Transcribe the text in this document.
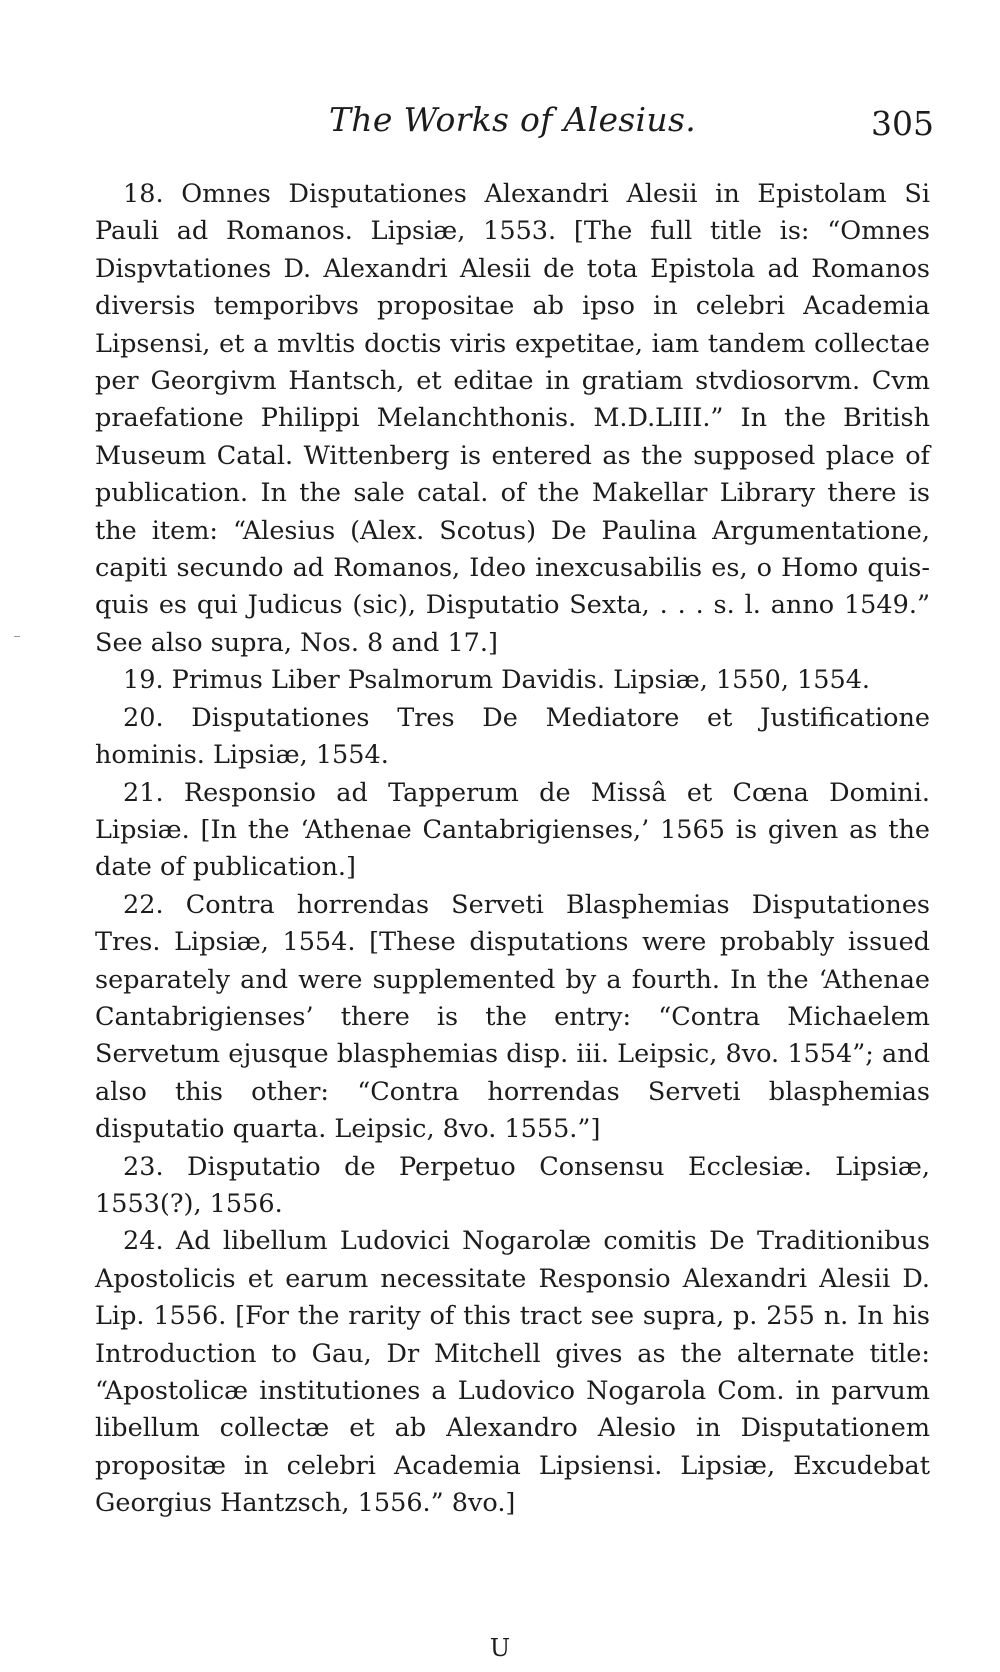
The Works of Alesius.	305

18. Omnes Disputationes Alexandri Alesii in Epistolam Si Pauli ad Romanos. Lipsiæ, 1553. [The full title is: “Omnes Dispvtationes D. Alexandri Alesii de tota Epistola ad Romanos diversis temporibvs propositae ab ipso in celebri Academia Lipsensi, et a mvltis doctis viris expetitae, iam tandem collectae per Georgivm Hantsch, et editae in gratiam stvdiosorvm. Cvm praefatione Philippi Melanchthonis. M.D.LIII.” In the British Museum Catal. Wittenberg is entered as the supposed place of publication. In the sale catal. of the Makellar Library there is the item: “Alesius (Alex. Scotus) De Paulina Argumentatione, capiti secundo ad Romanos, Ideo inexcusabilis es, o Homo quis-quis es qui Judicus (sic), Disputatio Sexta, . . . s. l. anno 1549.” See also supra, Nos. 8 and 17.]

19. Primus Liber Psalmorum Davidis. Lipsiæ, 1550, 1554.

20. Disputationes Tres De Mediatore et Justificatione hominis. Lipsiæ, 1554.

21. Responsio ad Tapperum de Missâ et Cœna Domini. Lipsiæ. [In the ‘Athenae Cantabrigienses,’ 1565 is given as the date of publication.]

22. Contra horrendas Serveti Blasphemias Disputationes Tres. Lipsiæ, 1554. [These disputations were probably issued separately and were supplemented by a fourth. In the ‘Athenae Cantabrigienses’ there is the entry: “Contra Michaelem Servetum ejusque blasphemias disp. iii. Leipsic, 8vo. 1554”; and also this other: “Contra horrendas Serveti blasphemias disputatio quarta. Leipsic, 8vo. 1555.”]

23. Disputatio de Perpetuo Consensu Ecclesiæ. Lipsiæ, 1553(?), 1556.

24. Ad libellum Ludovici Nogarolæ comitis De Traditionibus Apostolicis et earum necessitate Responsio Alexandri Alesii D. Lip. 1556. [For the rarity of this tract see supra, p. 255 n. In his Introduction to Gau, Dr Mitchell gives as the alternate title: “Apostolicæ institutiones a Ludovico Nogarola Com. in parvum libellum collectæ et ab Alexandro Alesio in Disputationem propositæ in celebri Academia Lipsiensi. Lipsiæ, Excudebat Georgius Hantzsch, 1556.” 8vo.]

U
